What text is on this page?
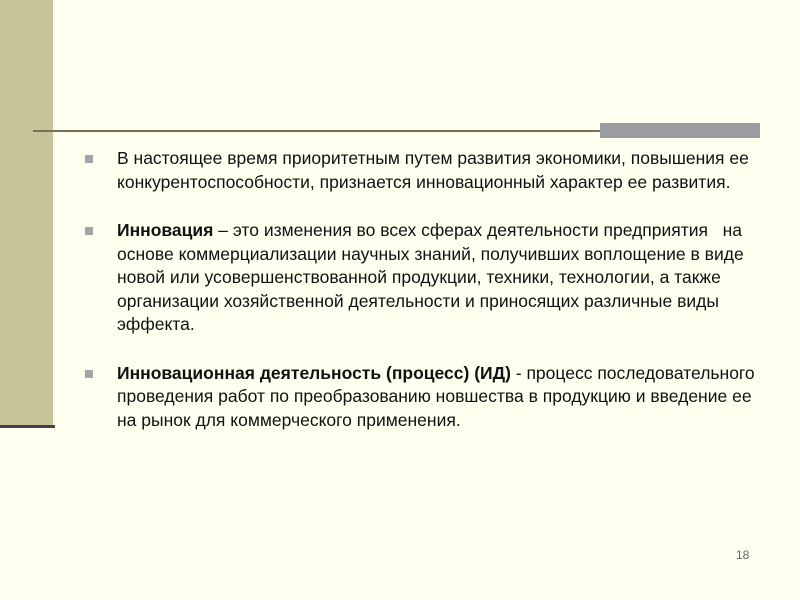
В настоящее время приоритетным путем развития экономики, повышения ее конкурентоспособности, признается инновационный характер ее развития.
Инновация – это изменения во всех сферах деятельности предприятия   на основе коммерциализации научных знаний, получивших воплощение в виде новой или усовершенствованной продукции, техники, технологии, а также организации хозяйственной деятельности и приносящих различные виды эффекта.
Инновационная деятельность (процесс) (ИД) - процесс последовательного проведения работ по преобразованию новшества в продукцию и введение ее на рынок для коммерческого применения.
18
